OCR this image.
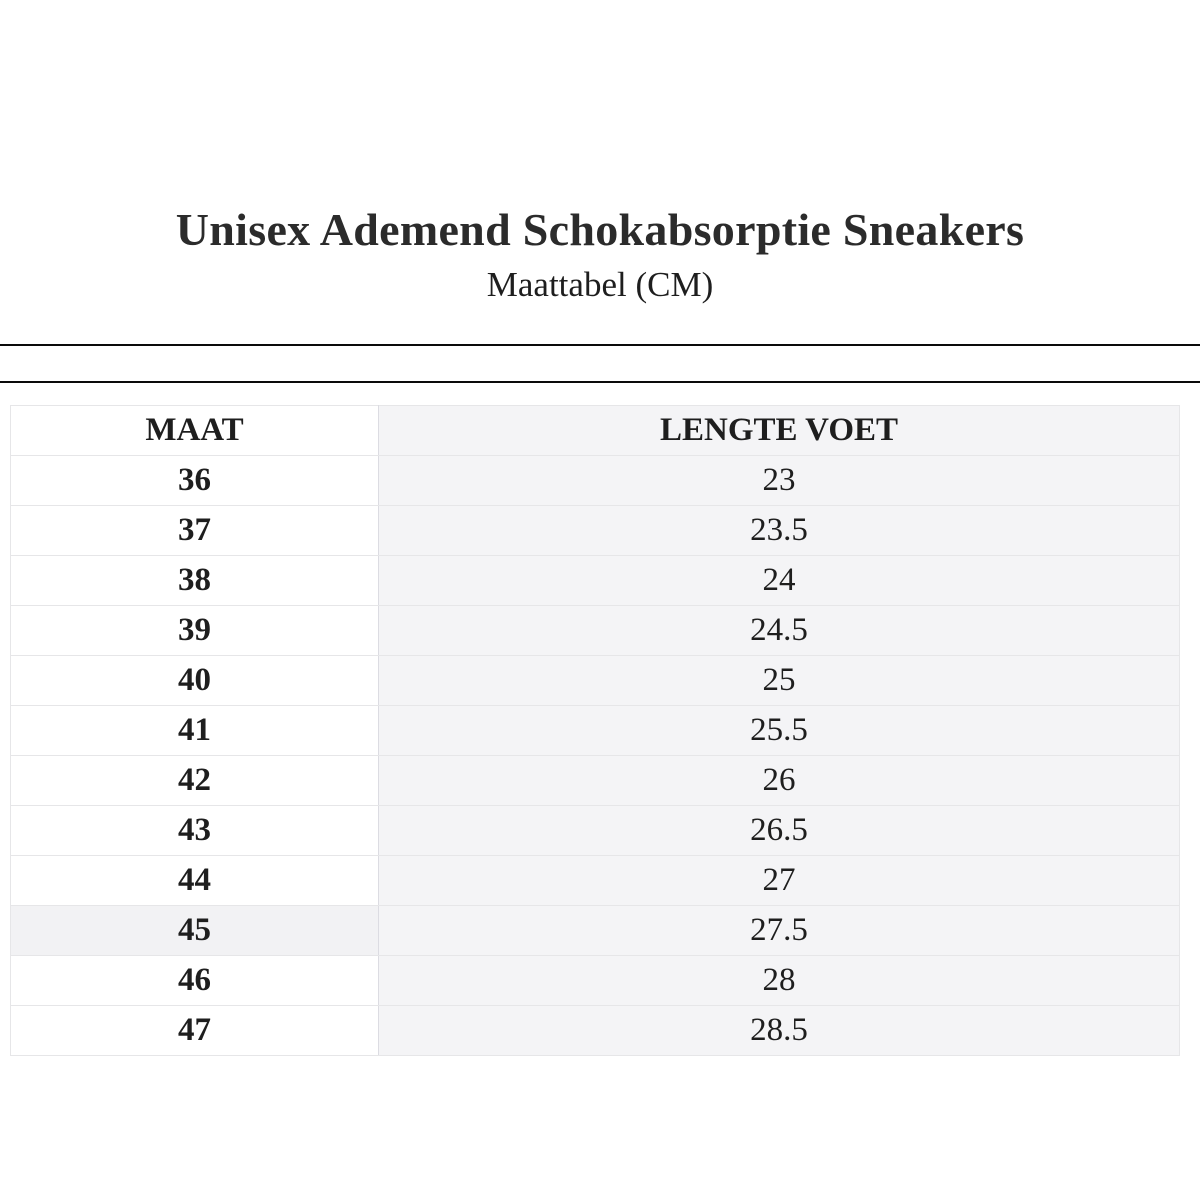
Unisex Ademend Schokabsorptie Sneakers
Maattabel (CM)
MAAT	LENGTE VOET
36	23
37	23.5
38	24
39	24.5
40	25
41	25.5
42	26
43	26.5
44	27
45	27.5
46	28
47	28.5
